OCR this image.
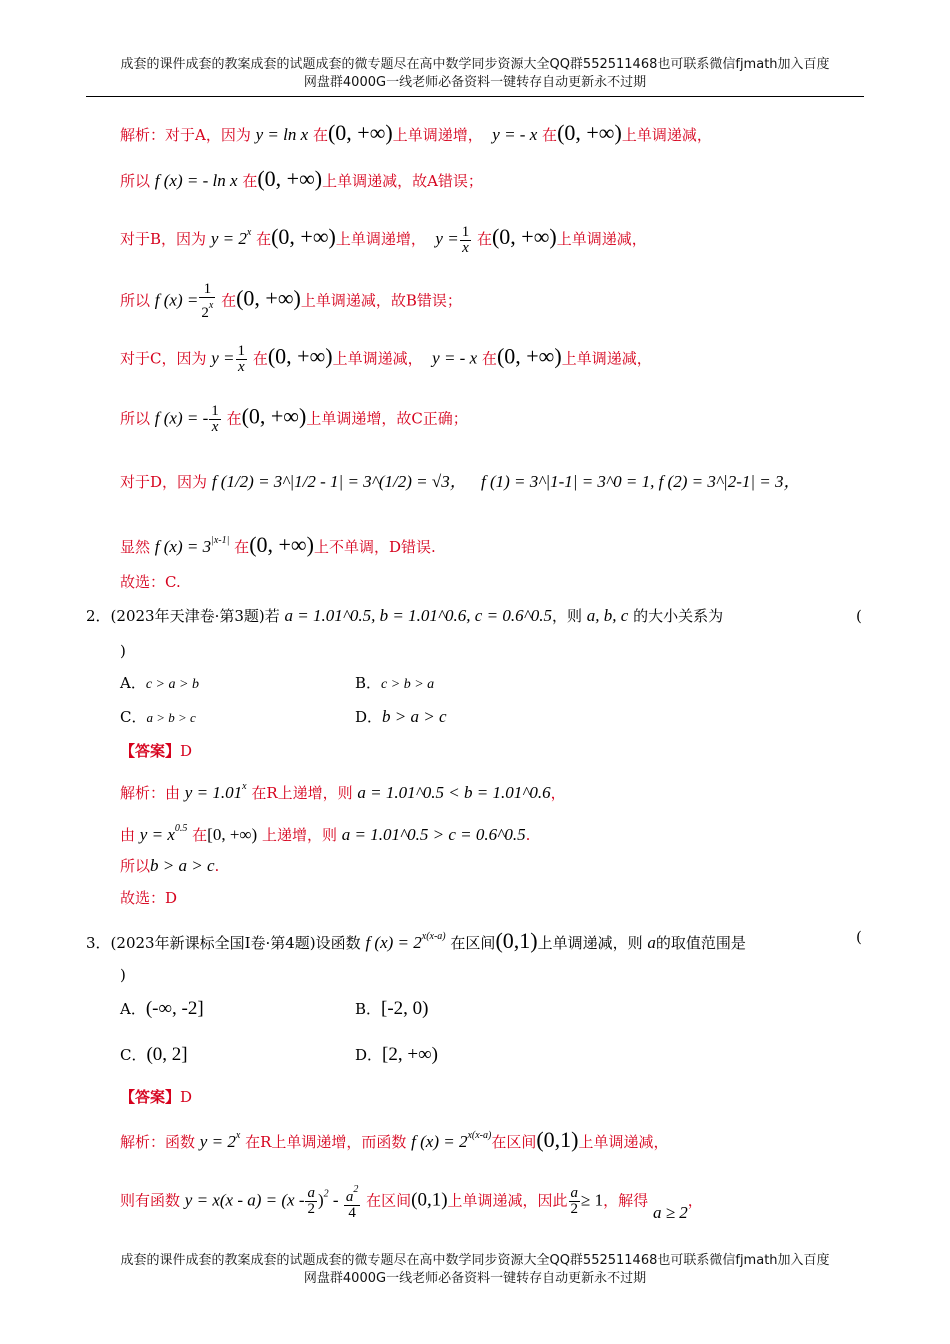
成套的课件成套的教案成套的试题成套的微专题尽在高中数学同步资源大全QQ群552511468也可联系微信fjmath加入百度
网盘群4000G一线老师必备资料一键转存自动更新永不过期
解析：对于A，因为 y = ln x 在(0, +∞)上单调递增， y = - x 在(0, +∞)上单调递减，
所以 f (x) = - ln x 在(0, +∞)上单调递减，故A错误；
对于B，因为 $y = 2^x$ 在(0, +∞)上单调递增， $y = \frac{1}{x}$ 在(0, +∞)上单调递减，
所以 f $(x) = \frac{1}{2^x}$ 在(0, +∞)上单调递减，故B错误；
对于C，因为 $y = \frac{1}{x}$ 在(0, +∞)上单调递减， y = - x 在(0, +∞)上单调递减，
所以 f (x) = - $\frac{1}{x}$ 在(0, +∞)上单调递增，故C正确；
对于D，因为 f (1/2) = 3^|1/2 - 1| = 3^(1/2) = √3， f (1) = 3^|1-1| = 3^0 = 1, f (2) = 3^|2-1| = 3，
显然 f $(x) = 3^{|x-1|}$ 在(0, +∞)上不单调，D错误.
故选：C.
2．(2023年天津卷·第3题)若 a = 1.01^0.5, b = 1.01^0.6, c = 0.6^0.5，则 a, b, c 的大小关系为	(
)
A．c > a > b	B．c > b > a
C．a > b > c	D．b > a > c
【答案】D
解析：由 $y = 1.01^x$ 在R上递增，则 a = 1.01^0.5 < b = 1.01^0.6，
由 $y = x^{0.5}$ 在[0, +∞) 上递增，则 a = 1.01^0.5 > c = 0.6^0.5.
所以b > a > c.
故选：D
3．(2023年新课标全国Ⅰ卷·第4题)设函数 f $(x) = 2^{x(x-a)}$ 在区间(0,1)上单调递减，则 a的取值范围是	(
)
A．(-∞, -2]	B．[-2, 0)
C．(0, 2]	D．[2, +∞)
【答案】D
解析：函数 $y = 2^x$ 在R上单调递增，而函数 f $(x) = 2^{x(x-a)}$在区间(0,1)上单调递减，
则有函数 $y = x(x - a) = (x - \frac{a}{2} )^2 - \frac{a^2}{4}$ 在区间(0,1)上单调递减，因此 $\frac{a}{2} \ge 1$，解得 a ≥ 2，
成套的课件成套的教案成套的试题成套的微专题尽在高中数学同步资源大全QQ群552511468也可联系微信fjmath加入百度
网盘群4000G一线老师必备资料一键转存自动更新永不过期
